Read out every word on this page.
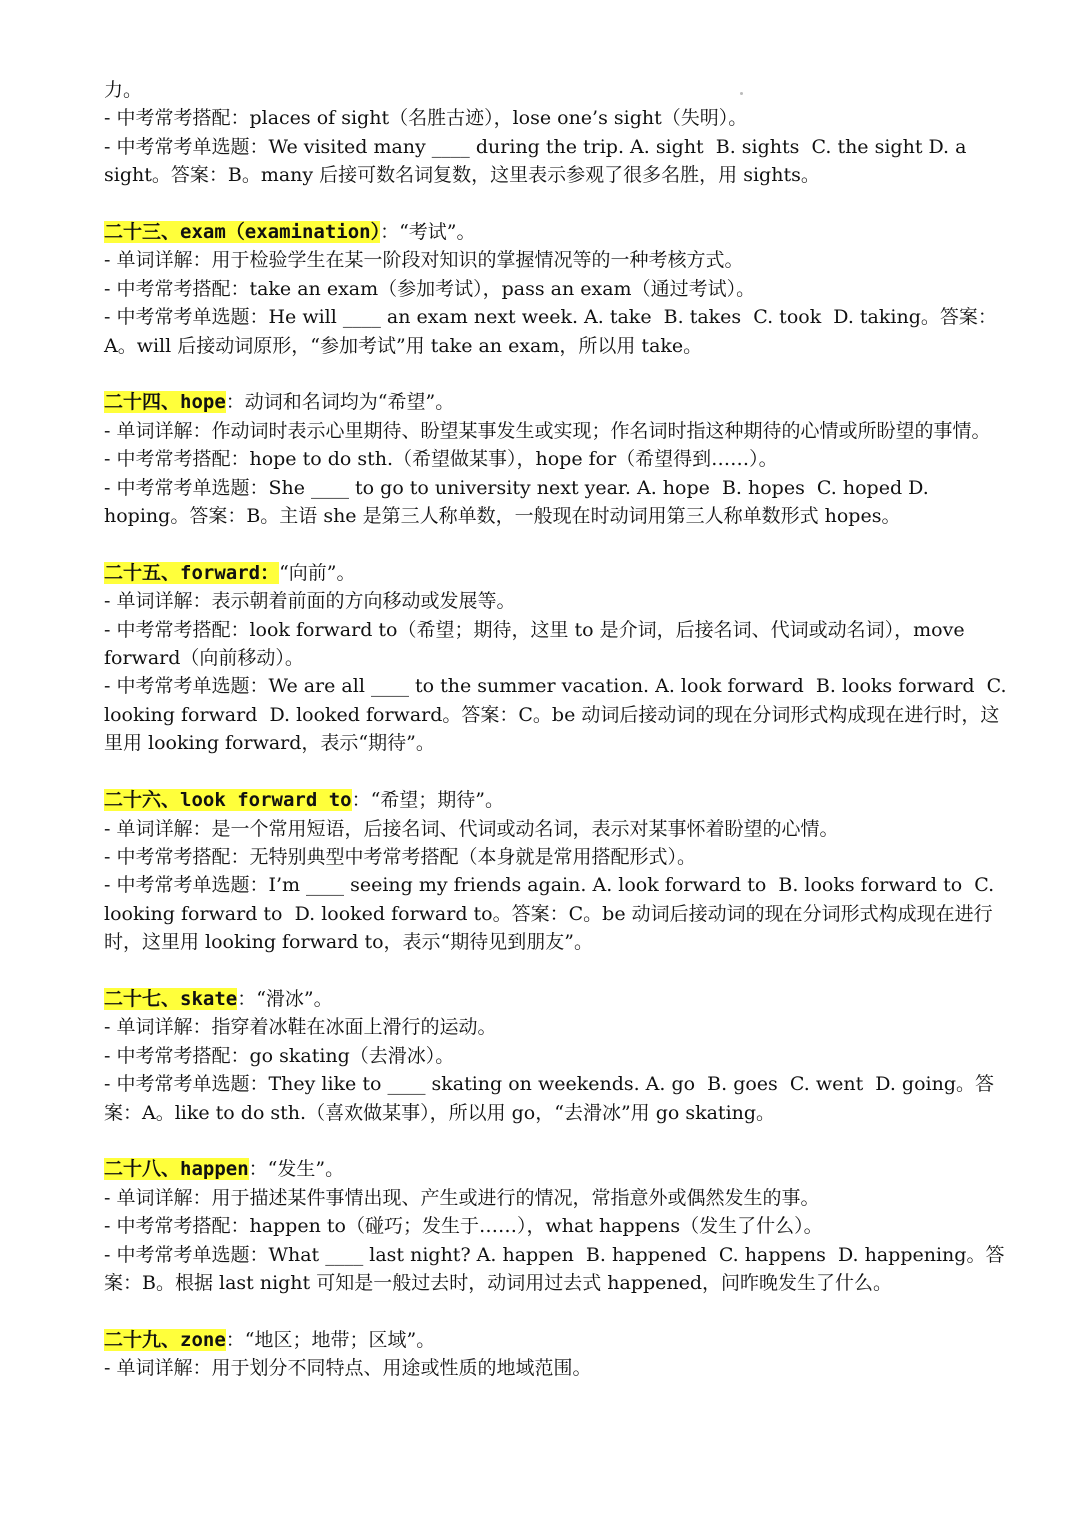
力。

- 中考常考搭配：places of sight（名胜古迹），lose one’s sight（失明）。

- 中考常考单选题：We visited many ____ during the trip. A. sight  B. sights  C. the sight D. a sight。答案：B。many 后接可数名词复数，这里表示参观了很多名胜，用 sights。

二十三、exam（examination）：“考试”。

- 单词详解：用于检验学生在某一阶段对知识的掌握情况等的一种考核方式。

- 中考常考搭配：take an exam（参加考试），pass an exam（通过考试）。

- 中考常考单选题：He will ____ an exam next week. A. take  B. takes  C. took  D. taking。答案：A。will 后接动词原形，“参加考试”用 take an exam，所以用 take。

二十四、hope：动词和名词均为“希望”。

- 单词详解：作动词时表示心里期待、盼望某事发生或实现；作名词时指这种期待的心情或所盼望的事情。

- 中考常考搭配：hope to do sth.（希望做某事），hope for（希望得到……）。

- 中考常考单选题：She ____ to go to university next year. A. hope  B. hopes  C. hoped D. hoping。答案：B。主语 she 是第三人称单数，一般现在时动词用第三人称单数形式 hopes。

二十五、forward：“向前”。

- 单词详解：表示朝着前面的方向移动或发展等。

- 中考常考搭配：look forward to（希望；期待，这里 to 是介词，后接名词、代词或动名词），move forward（向前移动）。

- 中考常考单选题：We are all ____ to the summer vacation. A. look forward  B. looks forward  C. looking forward  D. looked forward。答案：C。be 动词后接动词的现在分词形式构成现在进行时，这里用 looking forward，表示“期待”。

二十六、look forward to：“希望；期待”。

- 单词详解：是一个常用短语，后接名词、代词或动名词，表示对某事怀着盼望的心情。

- 中考常考搭配：无特别典型中考常考搭配（本身就是常用搭配形式）。

- 中考常考单选题：I’m ____ seeing my friends again. A. look forward to  B. looks forward to  C. looking forward to  D. looked forward to。答案：C。be 动词后接动词的现在分词形式构成现在进行时，这里用 looking forward to，表示“期待见到朋友”。

二十七、skate：“滑冰”。

- 单词详解：指穿着冰鞋在冰面上滑行的运动。

- 中考常考搭配：go skating（去滑冰）。

- 中考常考单选题：They like to ____ skating on weekends. A. go  B. goes  C. went  D. going。答案：A。like to do sth.（喜欢做某事），所以用 go，“去滑冰”用 go skating。

二十八、happen：“发生”。

- 单词详解：用于描述某件事情出现、产生或进行的情况，常指意外或偶然发生的事。

- 中考常考搭配：happen to（碰巧；发生于……），what happens（发生了什么）。

- 中考常考单选题：What ____ last night? A. happen  B. happened  C. happens  D. happening。答案：B。根据 last night 可知是一般过去时，动词用过去式 happened，问昨晚发生了什么。

二十九、zone：“地区；地带；区域”。

- 单词详解：用于划分不同特点、用途或性质的地域范围。
